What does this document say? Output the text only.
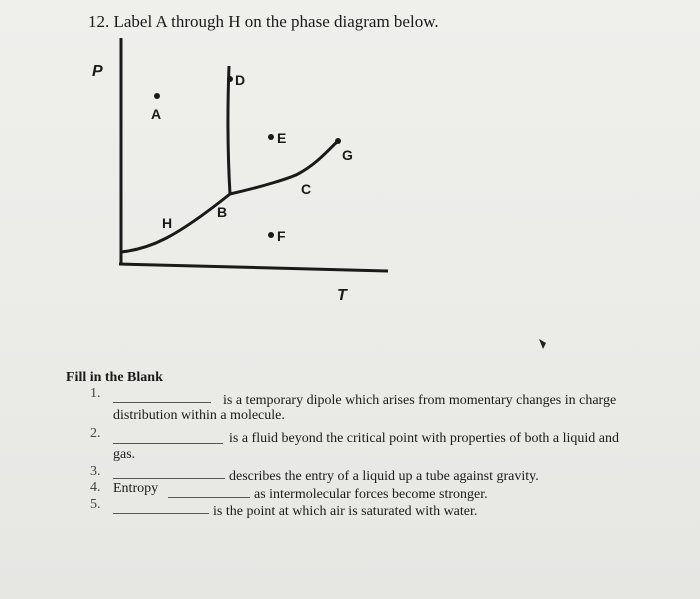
12. Label A through H on the phase diagram below.
P
T
A
D
E
G
C
H
B
F
Fill in the Blank
1.	is a temporary dipole which arises from momentary changes in charge
distribution within a molecule.
2.	is a fluid beyond the critical point with properties of both a liquid and
gas.
3.	describes the entry of a liquid up a tube against gravity.
4. Entropy	as intermolecular forces become stronger.
5.	is the point at which air is saturated with water.
